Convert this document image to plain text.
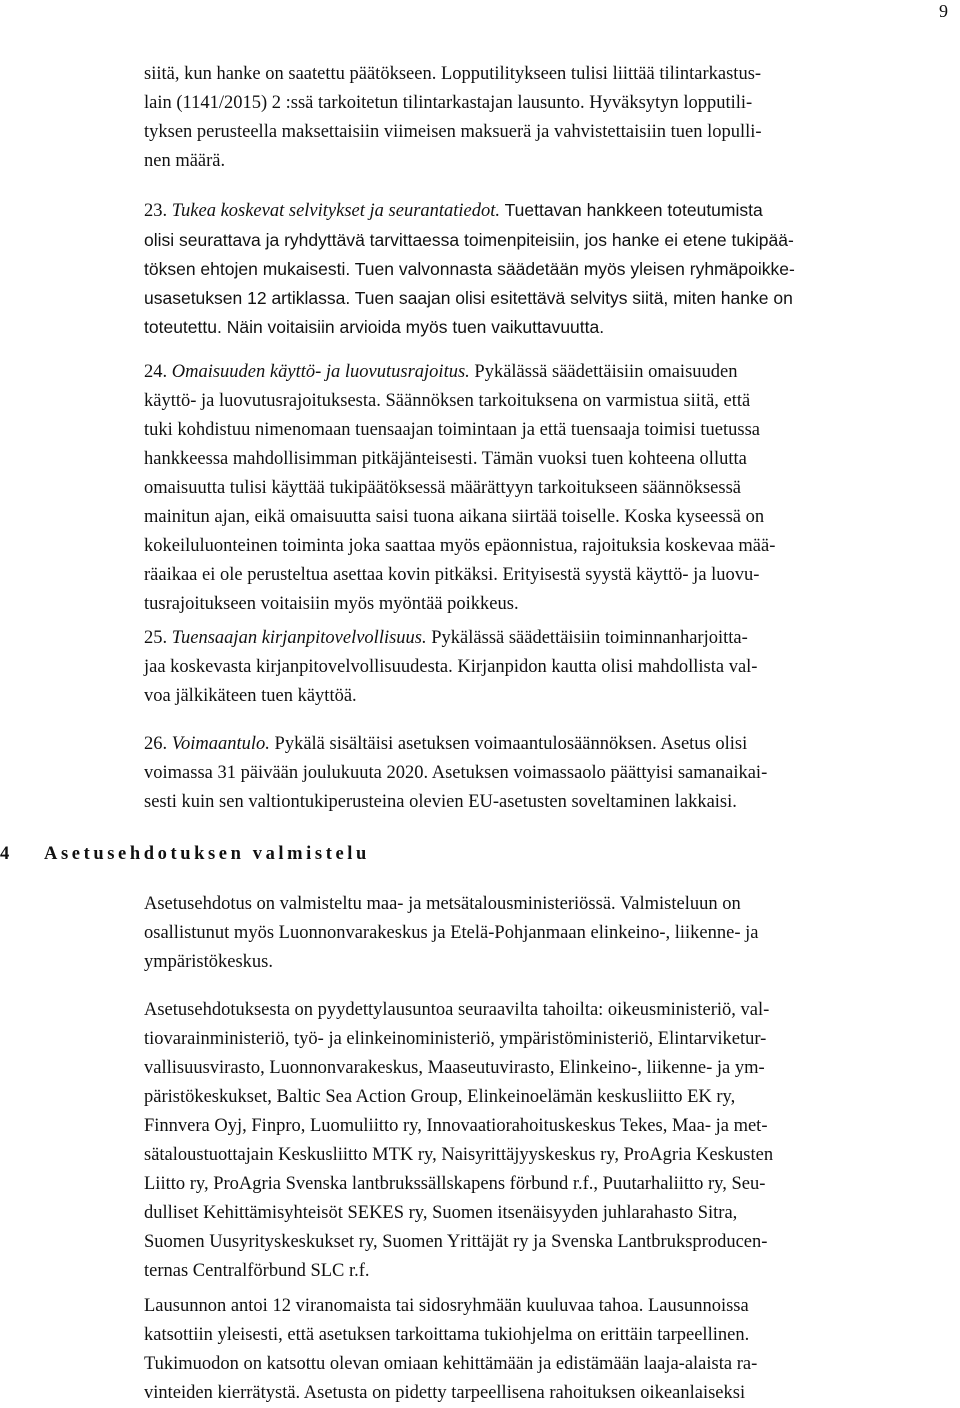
9
siitä, kun hanke on saatettu päätökseen. Lopputilitykseen tulisi liittää tilintarkastus-
lain (1141/2015) 2 :ssä tarkoitetun tilintarkastajan lausunto. Hyväksytyn lopputili-
tyksen perusteella maksettaisiin viimeisen maksuerä ja vahvistettaisiin tuen lopulli-
nen määrä.
23. Tukea koskevat selvitykset ja seurantatiedot. Tuettavan hankkeen toteutumista
olisi seurattava ja ryhdyttävä tarvittaessa toimenpiteisiin, jos hanke ei etene tukipää-
töksen ehtojen mukaisesti. Tuen valvonnasta säädetään myös yleisen ryhmäpoikke-
usasetuksen 12 artiklassa. Tuen saajan olisi esitettävä selvitys siitä, miten hanke on
toteutettu. Näin voitaisiin arvioida myös tuen vaikuttavuutta.
24. Omaisuuden käyttö- ja luovutusrajoitus. Pykälässä säädettäisiin omaisuuden
käyttö- ja luovutusrajoituksesta. Säännöksen tarkoituksena on varmistua siitä, että
tuki kohdistuu nimenomaan tuensaajan toimintaan ja että tuensaaja toimisi tuetussa
hankkeessa mahdollisimman pitkäjänteisesti. Tämän vuoksi tuen kohteena ollutta
omaisuutta tulisi käyttää tukipäätöksessä määrättyyn tarkoitukseen säännöksessä
mainitun ajan, eikä omaisuutta saisi tuona aikana siirtää toiselle. Koska kyseessä on
kokeiluluonteinen toiminta joka saattaa myös epäonnistua, rajoituksia koskevaa mää-
räaikaa ei ole perusteltua asettaa kovin pitkäksi. Erityisestä syystä käyttö- ja luovu-
tusrajoitukseen voitaisiin myös myöntää poikkeus.
25. Tuensaajan kirjanpitovelvollisuus. Pykälässä säädettäisiin toiminnanharjoitta-
jaa koskevasta kirjanpitovelvollisuudesta. Kirjanpidon kautta olisi mahdollista val-
voa jälkikäteen tuen käyttöä.
26. Voimaantulo. Pykälä sisältäisi asetuksen voimaantulosäännöksen. Asetus olisi
voimassa 31 päivään joulukuuta 2020. Asetuksen voimassaolo päättyisi samanaikai-
sesti kuin sen valtiontukiperusteina olevien EU-asetusten soveltaminen lakkaisi.
4 Asetusehdotuksen valmistelu
Asetusehdotus on valmisteltu maa- ja metsätalousministeriössä. Valmisteluun on
osallistunut myös Luonnonvarakeskus ja Etelä-Pohjanmaan elinkeino-, liikenne- ja
ympäristökeskus.
Asetusehdotuksesta on pyydettylausuntoa seuraavilta tahoilta: oikeusministeriö, val-
tiovarainministeriö, työ- ja elinkeinoministeriö, ympäristöministeriö, Elintarviketur-
vallisuusvirasto, Luonnonvarakeskus, Maaseutuvirasto, Elinkeino-, liikenne- ja ym-
päristökeskukset, Baltic Sea Action Group, Elinkeinoelämän keskusliitto EK ry,
Finnvera Oyj, Finpro, Luomuliitto ry, Innovaatiorahoituskeskus Tekes, Maa- ja met-
sätaloustuottajain Keskusliitto MTK ry, Naisyrittäjyyskeskus ry, ProAgria Keskusten
Liitto ry, ProAgria Svenska lantbrukssällskapens förbund r.f., Puutarhaliitto ry, Seu-
dulliset Kehittämisyhteisöt SEKES ry, Suomen itsenäisyyden juhlarahasto Sitra,
Suomen Uusyrityskeskukset ry, Suomen Yrittäjät ry ja Svenska Lantbruksproducen-
ternas Centralförbund SLC r.f.
Lausunnon antoi 12 viranomaista tai sidosryhmään kuuluvaa tahoa. Lausunnoissa
katsottiin yleisesti, että asetuksen tarkoittama tukiohjelma on erittäin tarpeellinen.
Tukimuodon on katsottu olevan omiaan kehittämään ja edistämään laaja-alaista ra-
vinteiden kierrätystä. Asetusta on pidetty tarpeellisena rahoituksen oikeanlaiseksi
